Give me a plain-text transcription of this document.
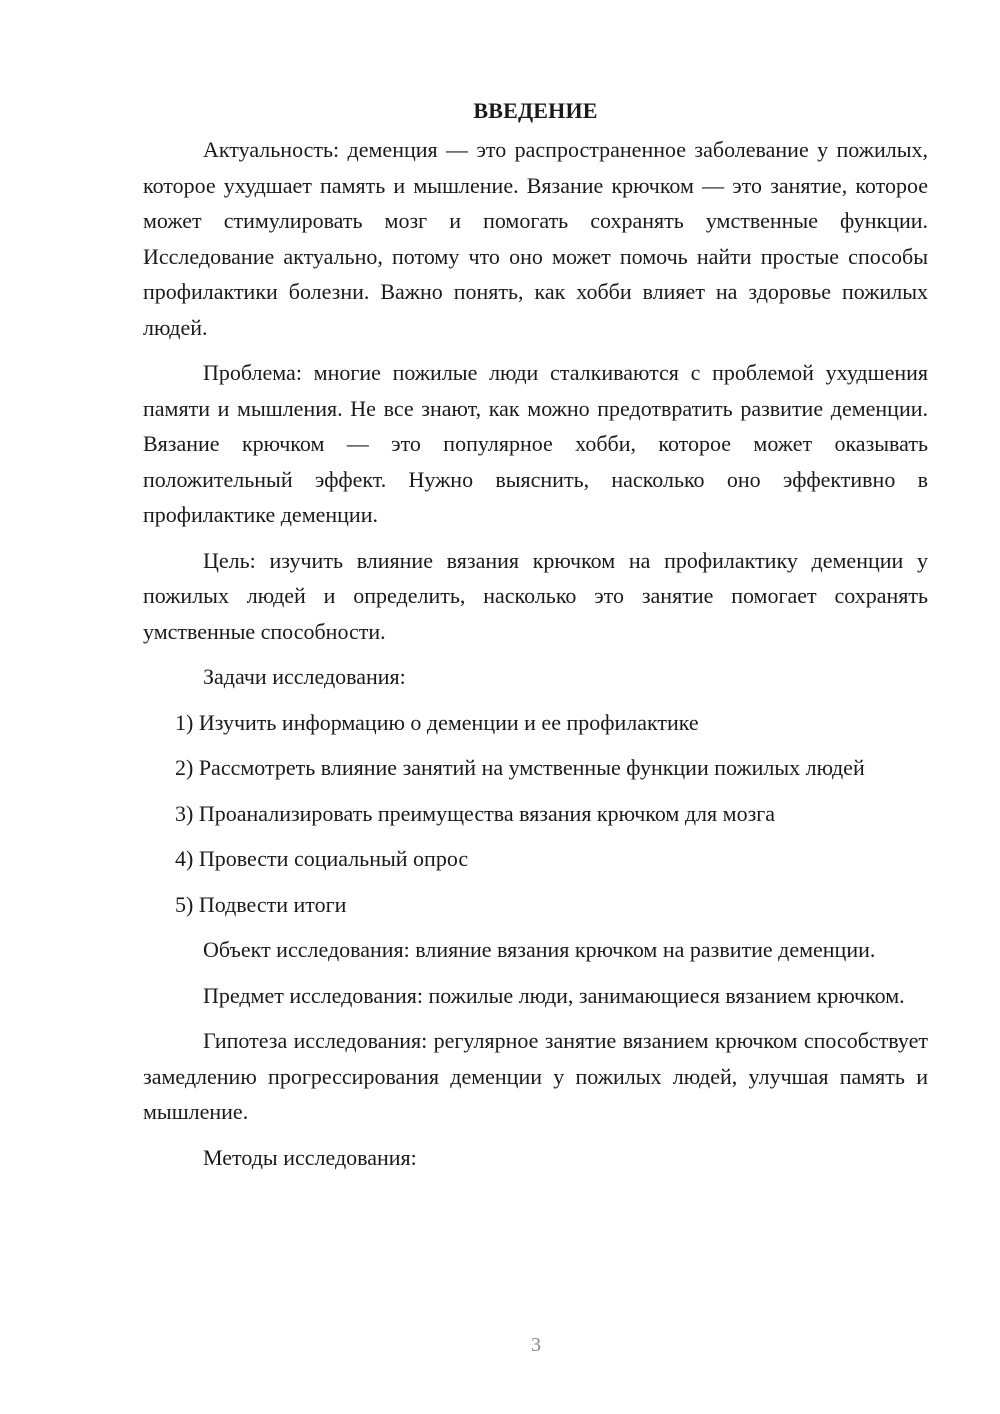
ВВЕДЕНИЕ

Актуальность: деменция — это распространенное заболевание у пожилых, которое ухудшает память и мышление. Вязание крючком — это занятие, которое может стимулировать мозг и помогать сохранять умственные функции. Исследование актуально, потому что оно может помочь найти простые способы профилактики болезни. Важно понять, как хобби влияет на здоровье пожилых людей.

Проблема: многие пожилые люди сталкиваются с проблемой ухудшения памяти и мышления. Не все знают, как можно предотвратить развитие деменции. Вязание крючком — это популярное хобби, которое может оказывать положительный эффект. Нужно выяснить, насколько оно эффективно в профилактике деменции.

Цель: изучить влияние вязания крючком на профилактику деменции у пожилых людей и определить, насколько это занятие помогает сохранять умственные способности.

Задачи исследования:

1) Изучить информацию о деменции и ее профилактике

2) Рассмотреть влияние занятий на умственные функции пожилых людей

3) Проанализировать преимущества вязания крючком для мозга

4) Провести социальный опрос

5) Подвести итоги

Объект исследования: влияние вязания крючком на развитие деменции.

Предмет исследования: пожилые люди, занимающиеся вязанием крючком.

Гипотеза исследования: регулярное занятие вязанием крючком способствует замедлению прогрессирования деменции у пожилых людей, улучшая память и мышление.

Методы исследования:

3
